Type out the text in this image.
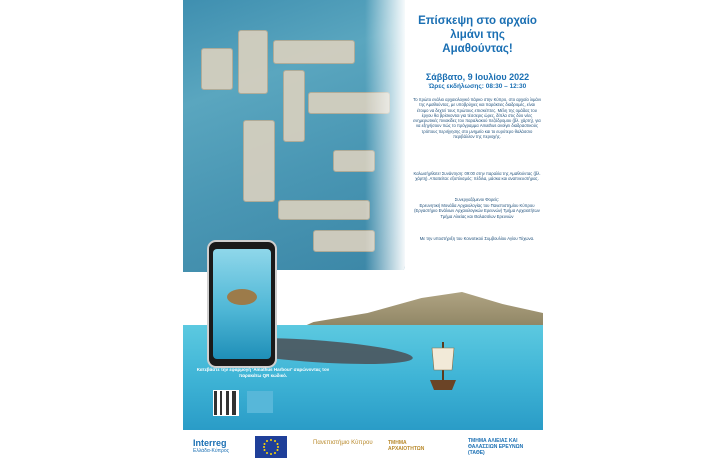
Επίσκεψη στο αρχαίο λιμάνι της Αμαθούντας!
Σάββατο, 9 Ιουλίου 2022
Ώρες εκδήλωσης: 08:30 – 12:30
Το πρώτο ενάλιο αρχαιολογικό πάρκο στην Κύπρο, στο αρχαίο λιμάνι της Αμαθούντας, με υποβρύχιες και παράκτιες διαδρομές, είναι έτοιμο να δεχτεί τους πρώτους επισκέπτες. Μέλη της ομάδας του έργου θα βρίσκονται για τέσσερις ώρες, δίπλα στις δύο νέες ενημερωτικές πινακίδες του παραλιακού πεζόδρομου (βλ. χάρτη), για να εξηγήσουν πώς το πρόγραμμα Amathus ανοίγει διαδραστικούς τρόπους περιήγησης στο μνημείο και το ευρύτερο θαλάσσιο περιβάλλον της περιοχής.
Καλωσήρθατε! Συνάντηση: 09:00 στην παραλία της Αμαθούντας (βλ. χάρτη). Απαιτείται: εξοπλισμός: πέδιλα, μάσκα και αναπνευστήρας.
Συνεργαζόμενοι Φορείς:
Ερευνητική Μονάδα Αρχαιολογίας του Πανεπιστημίου Κύπρου (Εργαστήριο Ενάλιων Αρχαιολογικών Ερευνών) Τμήμα Αρχαιοτήτων Τμήμα Αλιείας και Θαλασσίων Ερευνών
Με την υποστήριξη του Κοινοτικού Συμβουλίου Αγίου Τύχωνα.
Κατεβάστε την εφαρμογή 'Amathus Harbour' σαρώνοντας τον παρακάτω QR κωδικό.
Interreg
Ελλάδα-Κύπρος
Πανεπιστήμιο Κύπρου	ΤΜΗΜΑ ΑΡΧΑΙΟΤΗΤΩΝ
ΤΜΗΜΑ ΑΛΙΕΙΑΣ ΚΑΙ ΘΑΛΑΣΣΙΩΝ ΕΡΕΥΝΩΝ (ΤΑΘΕ)
